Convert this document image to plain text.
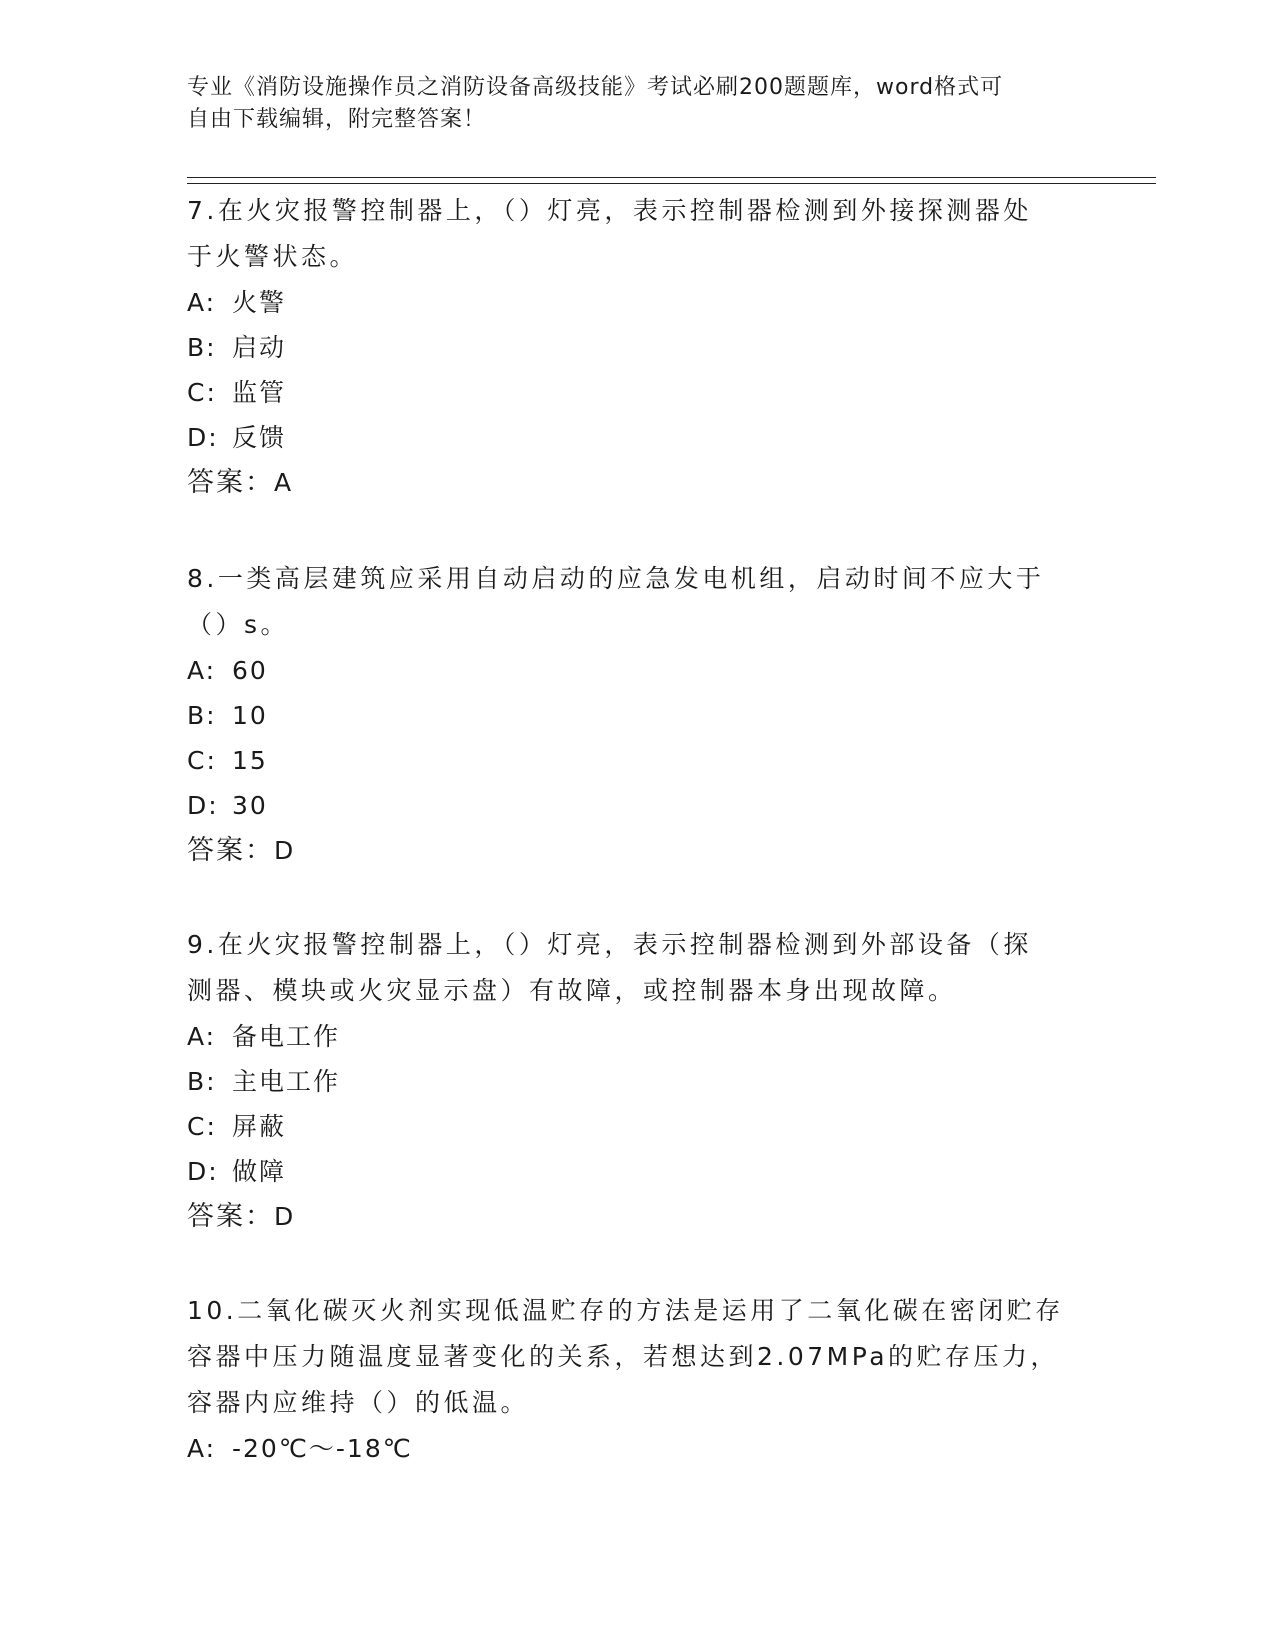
专业《消防设施操作员之消防设备高级技能》考试必刷200题题库，word格式可
自由下载编辑，附完整答案！
7.在火灾报警控制器上，（）灯亮，表示控制器检测到外接探测器处
于火警状态。
A: 火警
B: 启动
C: 监管
D: 反馈
答案：A
8.一类高层建筑应采用自动启动的应急发电机组，启动时间不应大于
（）s。
A: 60
B: 10
C: 15
D: 30
答案：D
9.在火灾报警控制器上，（）灯亮，表示控制器检测到外部设备（探
测器、模块或火灾显示盘）有故障，或控制器本身出现故障。
A: 备电工作
B: 主电工作
C: 屏蔽
D: 做障
答案：D
10.二氧化碳灭火剂实现低温贮存的方法是运用了二氧化碳在密闭贮存
容器中压力随温度显著变化的关系，若想达到2.07MPa的贮存压力，
容器内应维持（）的低温。
A: -20℃～-18℃
